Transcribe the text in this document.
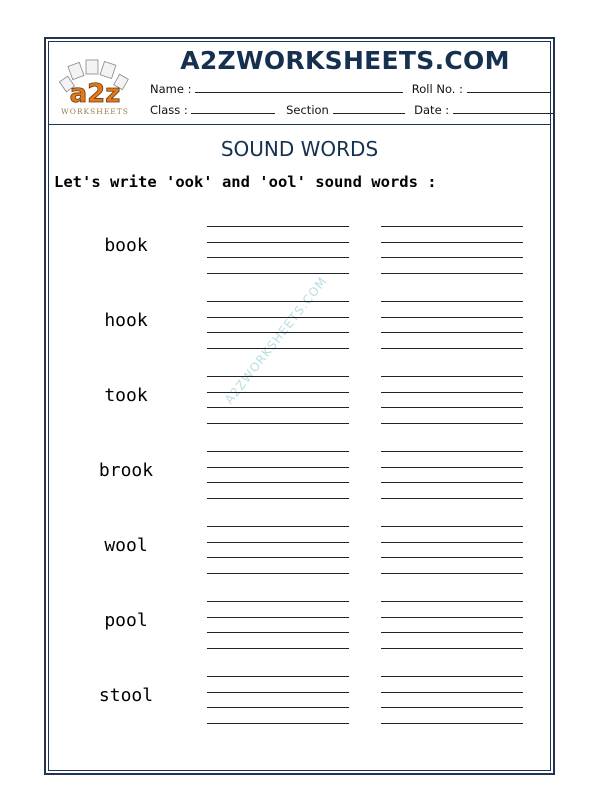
a2z
WORKSHEETS
A2ZWORKSHEETS.COM
Name :	Roll No. :
Class :	Section	Date :
SOUND WORDS
Let's write 'ook' and 'ool' sound words :
A2ZWORKSHEETS.COM
book
hook
took
brook
wool
pool
stool
